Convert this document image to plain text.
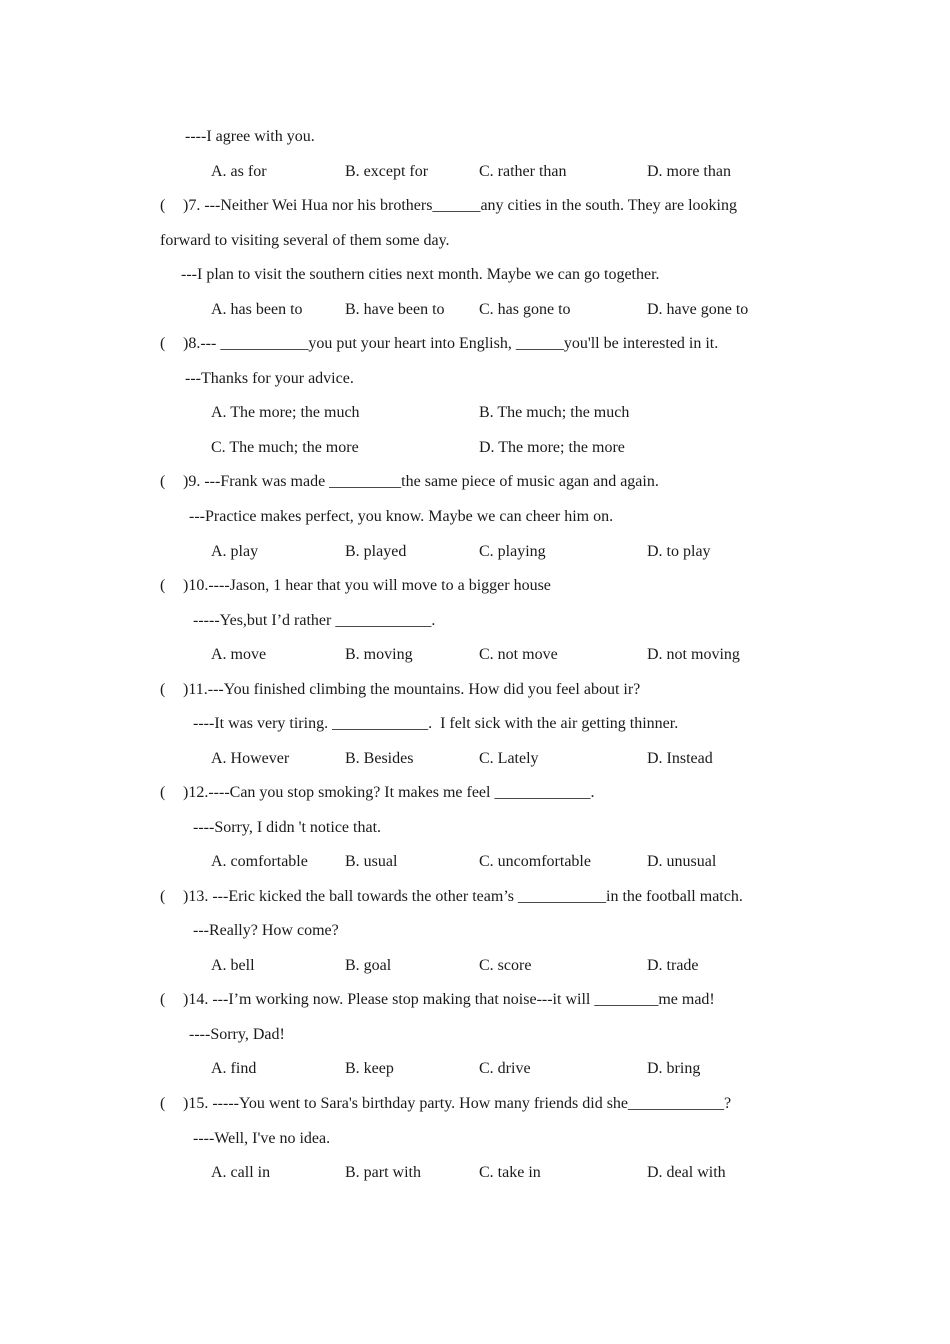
----I agree with you.
A. as for	B. except for	C. rather than	D. more than
( )7. ---Neither Wei Hua nor his brothers______any cities in the south. They are looking
forward to visiting several of them some day.
---I plan to visit the southern cities next month. Maybe we can go together.
A. has been to	B. have been to C. has gone to	D. have gone to
( )8.--- ___________you put your heart into English, ______you'll be interested in it.
---Thanks for your advice.
A. The more; the much	B. The much; the much
C. The much; the more	D. The more; the more
( )9. ---Frank was made _________the same piece of music agan and again.
---Practice makes perfect, you know. Maybe we can cheer him on.
A. play	B. played	C. playing	D. to play
( )10.----Jason, 1 hear that you will move to a bigger house
-----Yes,but I’d rather ____________.
A. move	B. moving	C. not move	D. not moving
( )11.---You finished climbing the mountains. How did you feel about ir?
----It was very tiring. ____________.  I felt sick with the air getting thinner.
A. However	B. Besides	C. Lately	D. Instead
( )12.----Can you stop smoking? It makes me feel ____________.
----Sorry, I didn 't notice that.
A. comfortable B. usual	C. uncomfortable	D. unusual
( )13. ---Eric kicked the ball towards the other team’s ___________in the football match.
---Really? How come?
A. bell	B. goal	C. score	D. trade
( )14. ---I’m working now. Please stop making that noise---it will ________me mad!
----Sorry, Dad!
A. find	B. keep	C. drive	D. bring
( )15. -----You went to Sara's birthday party. How many friends did she____________?
----Well, I've no idea.
A. call in	B. part with	C. take in	D. deal with
